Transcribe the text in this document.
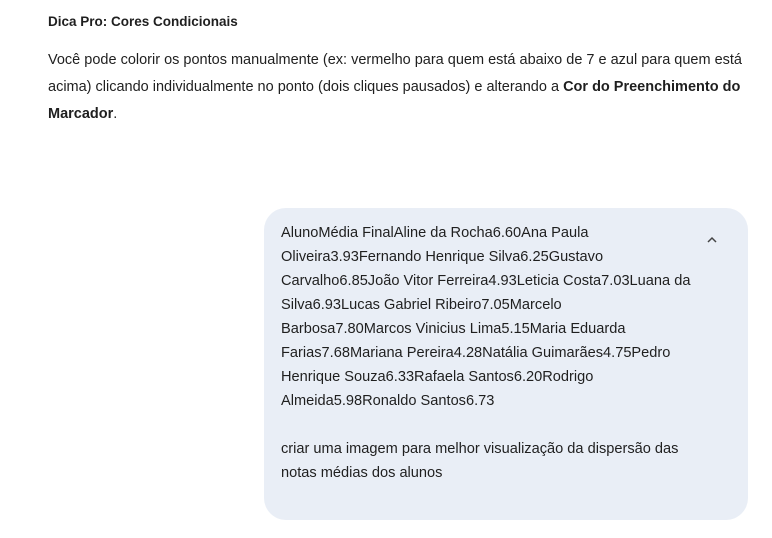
Dica Pro: Cores Condicionais
Você pode colorir os pontos manualmente (ex: vermelho para quem está abaixo de 7 e azul para quem está acima) clicando individualmente no ponto (dois cliques pausados) e alterando a Cor do Preenchimento do Marcador.
AlunoMédia FinalAline da Rocha6.60Ana Paula Oliveira3.93Fernando Henrique Silva6.25Gustavo Carvalho6.85João Vitor Ferreira4.93Leticia Costa7.03Luana da Silva6.93Lucas Gabriel Ribeiro7.05Marcelo Barbosa7.80Marcos Vinicius Lima5.15Maria Eduarda Farias7.68Mariana Pereira4.28Natália Guimarães4.75Pedro Henrique Souza6.33Rafaela Santos6.20Rodrigo Almeida5.98Ronaldo Santos6.73
criar uma imagem para melhor visualização da dispersão das notas médias dos alunos
